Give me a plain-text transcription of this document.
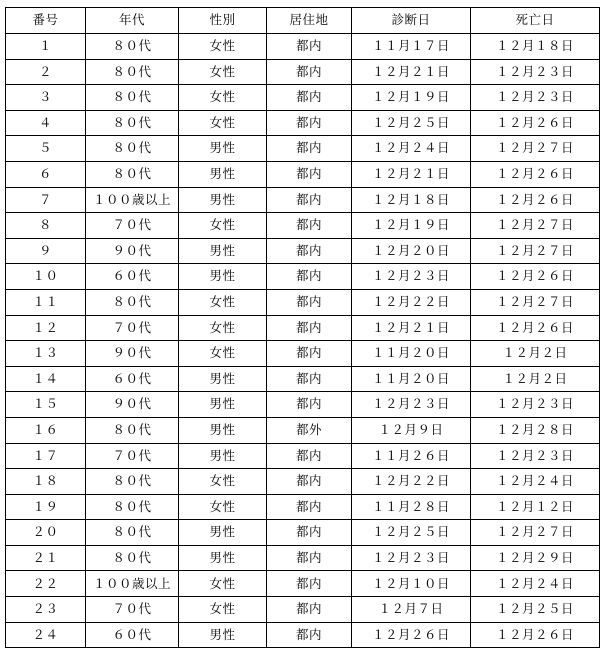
番号	年代	性別	居住地	診断日	死亡日
１	８０代	女性	都内	１１月１７日	１２月１８日
２	８０代	女性	都内	１２月２１日	１２月２３日
３	８０代	女性	都内	１２月１９日	１２月２３日
４	８０代	女性	都内	１２月２５日	１２月２６日
５	８０代	男性	都内	１２月２４日	１２月２７日
６	８０代	男性	都内	１２月２１日	１２月２６日
７	１００歳以上	男性	都内	１２月１８日	１２月２６日
８	７０代	女性	都内	１２月１９日	１２月２７日
９	９０代	男性	都内	１２月２０日	１２月２７日
１０	６０代	男性	都内	１２月２３日	１２月２６日
１１	８０代	女性	都内	１２月２２日	１２月２７日
１２	７０代	女性	都内	１２月２１日	１２月２６日
１３	９０代	女性	都内	１１月２０日	１２月２日
１４	６０代	男性	都内	１１月２０日	１２月２日
１５	９０代	男性	都内	１２月２３日	１２月２３日
１６	８０代	男性	都外	１２月９日	１２月２８日
１７	７０代	男性	都内	１１月２６日	１２月２３日
１８	８０代	女性	都内	１２月２２日	１２月２４日
１９	８０代	女性	都内	１１月２８日	１２月１２日
２０	８０代	男性	都内	１２月２５日	１２月２７日
２１	８０代	男性	都内	１２月２３日	１２月２９日
２２	１００歳以上	女性	都内	１２月１０日	１２月２４日
２３	７０代	女性	都内	１２月７日	１２月２５日
２４	６０代	男性	都内	１２月２６日	１２月２６日
